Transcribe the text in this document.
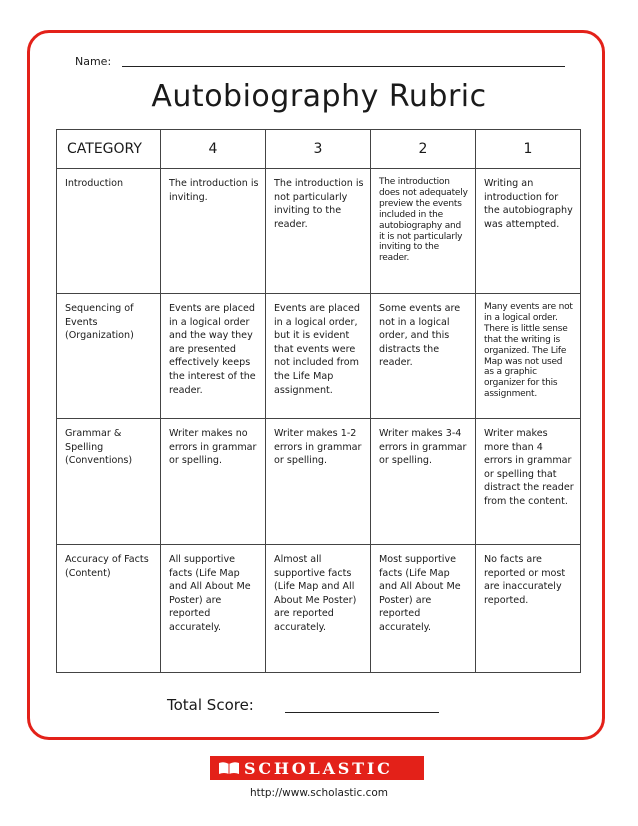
Name:
Autobiography Rubric
CATEGORY	4	3	2	1
Introduction	The introduction is inviting.	The introduction is not particularly inviting to the reader.	The introduction does not adequately preview the events included in the autobiography and it is not particularly inviting to the reader.	Writing an introduction for the autobiography was attempted.
Sequencing of Events (Organization)	Events are placed in a logical order and the way they are presented effectively keeps the interest of the reader.	Events are placed in a logical order, but it is evident that events were not included from the Life Map assignment.	Some events are not in a logical order, and this distracts the reader.	Many events are not in a logical order. There is little sense that the writing is organized. The Life Map was not used as a graphic organizer for this assignment.
Grammar & Spelling (Conventions)	Writer makes no errors in grammar or spelling.	Writer makes 1-2 errors in grammar or spelling.	Writer makes 3-4 errors in grammar or spelling.	Writer makes more than 4 errors in grammar or spelling that distract the reader from the content.
Accuracy of Facts (Content)	All supportive facts (Life Map and All About Me Poster) are reported accurately.	Almost all supportive facts (Life Map and All About Me Poster) are reported accurately.	Most supportive facts (Life Map and All About Me Poster) are reported accurately.	No facts are reported or most are inaccurately reported.
Total Score:
SCHOLASTIC
http://www.scholastic.com
